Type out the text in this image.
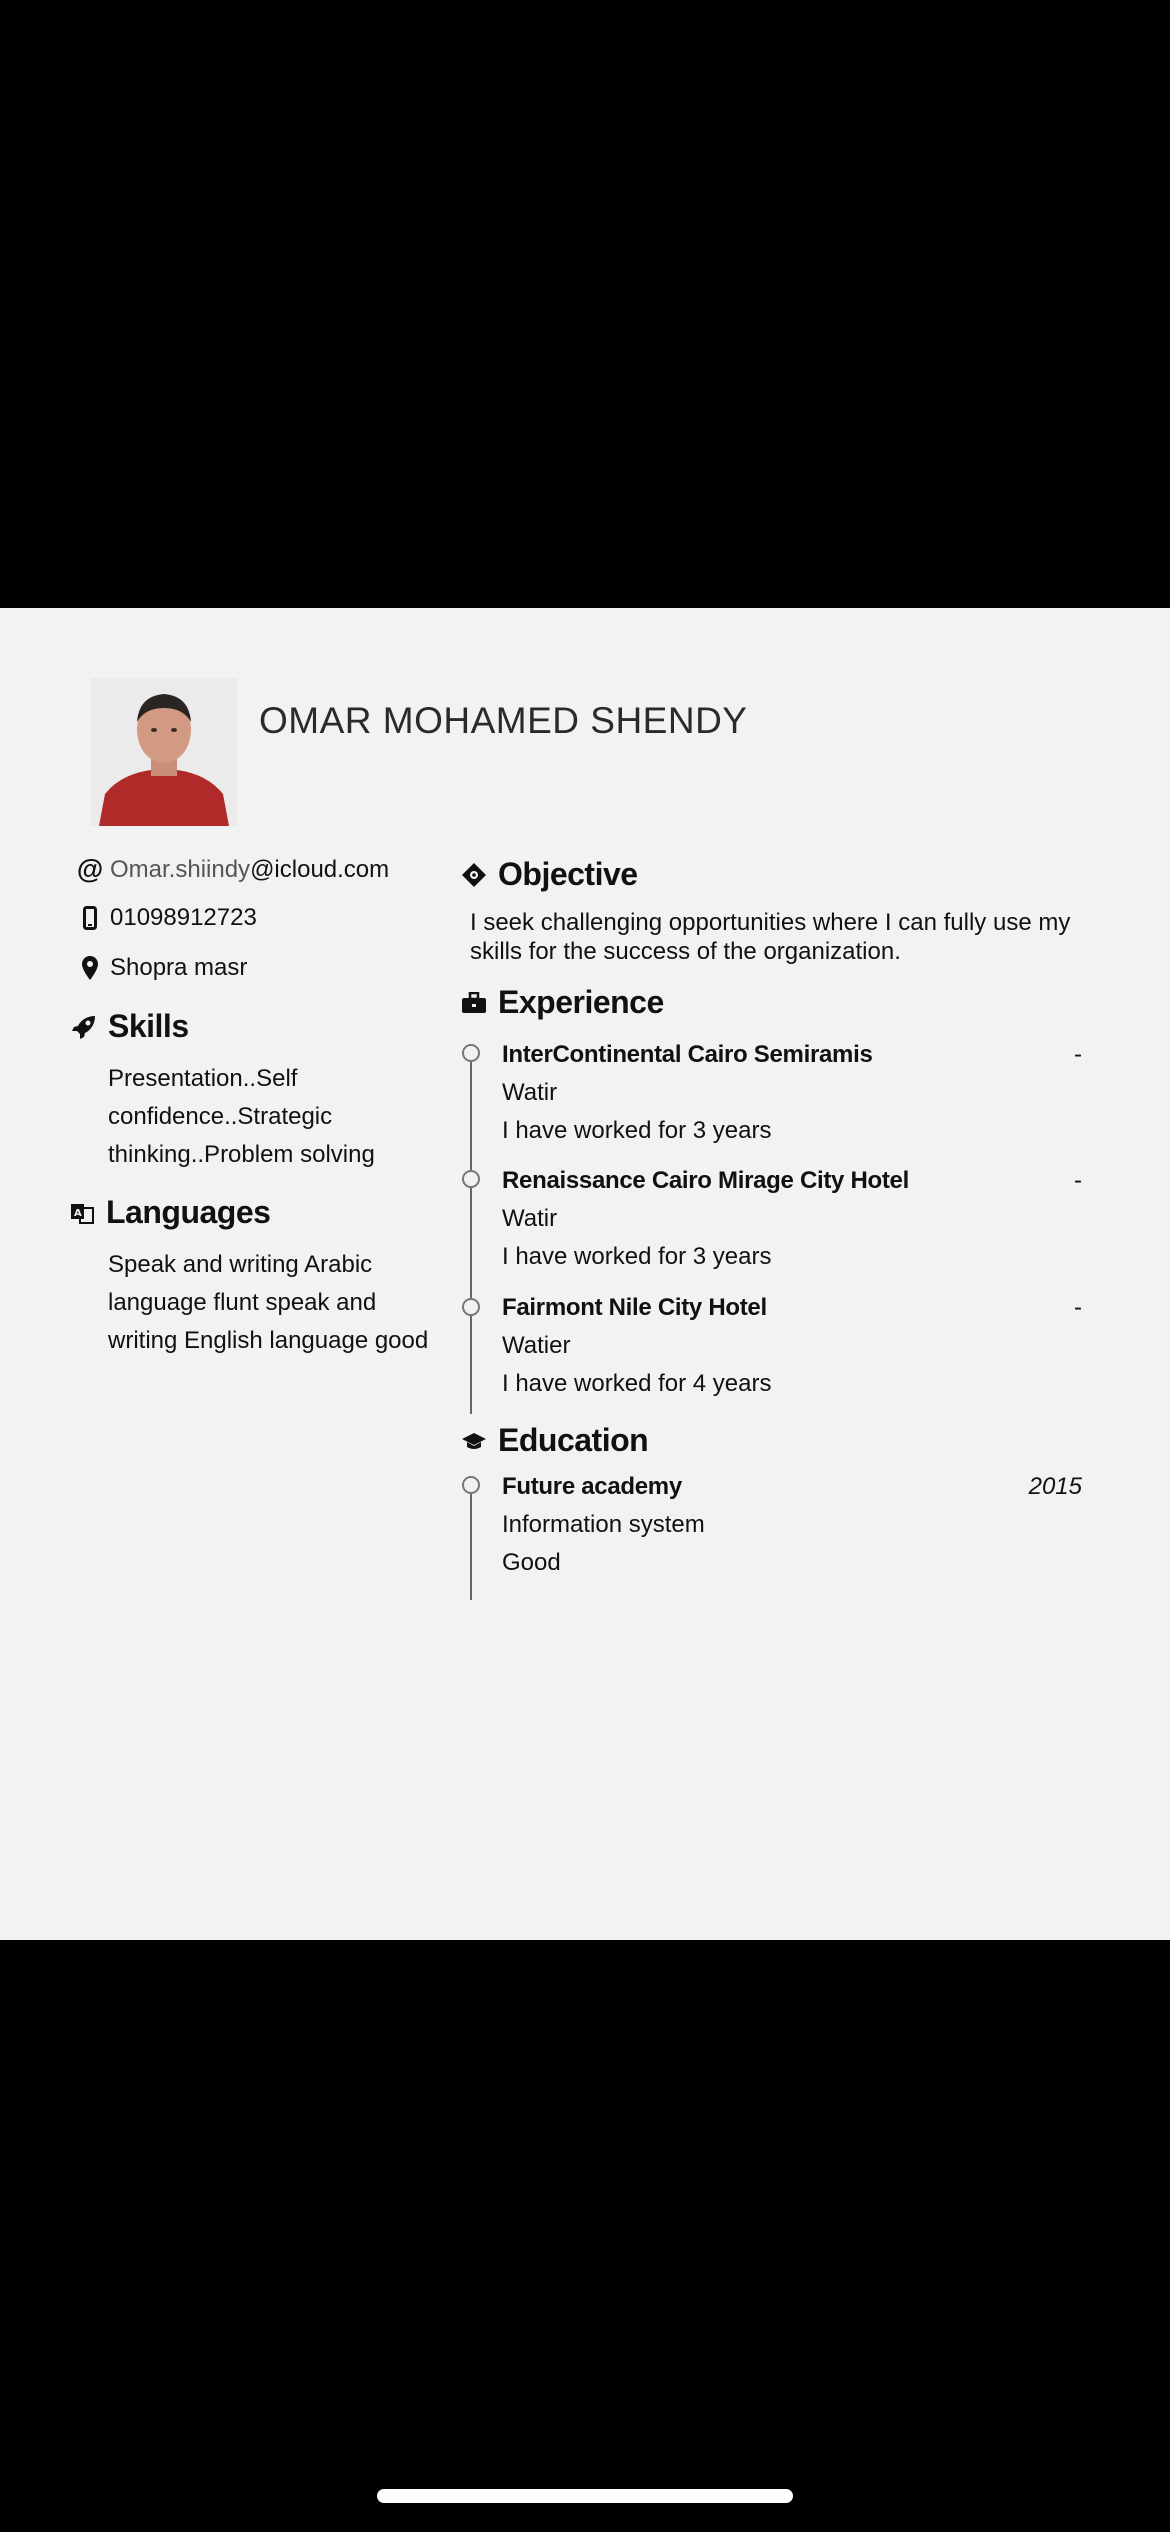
OMAR MOHAMED SHENDY
@ Omar.shiindy@icloud.com
01098912723
Shopra masr
Skills
Presentation..Self
confidence..Strategic
thinking..Problem solving
A Languages
Speak and writing Arabic
language flunt speak and
writing English language good
Objective
I seek challenging opportunities where I can fully use my skills for the success of the organization.
Experience
InterContinental Cairo Semiramis	-
Watir
I have worked for 3 years
Renaissance Cairo Mirage City Hotel	-
Watir
I have worked for 3 years
Fairmont Nile City Hotel	-
Watier
I have worked for 4 years
Education
Future academy	2015
Information system
Good
